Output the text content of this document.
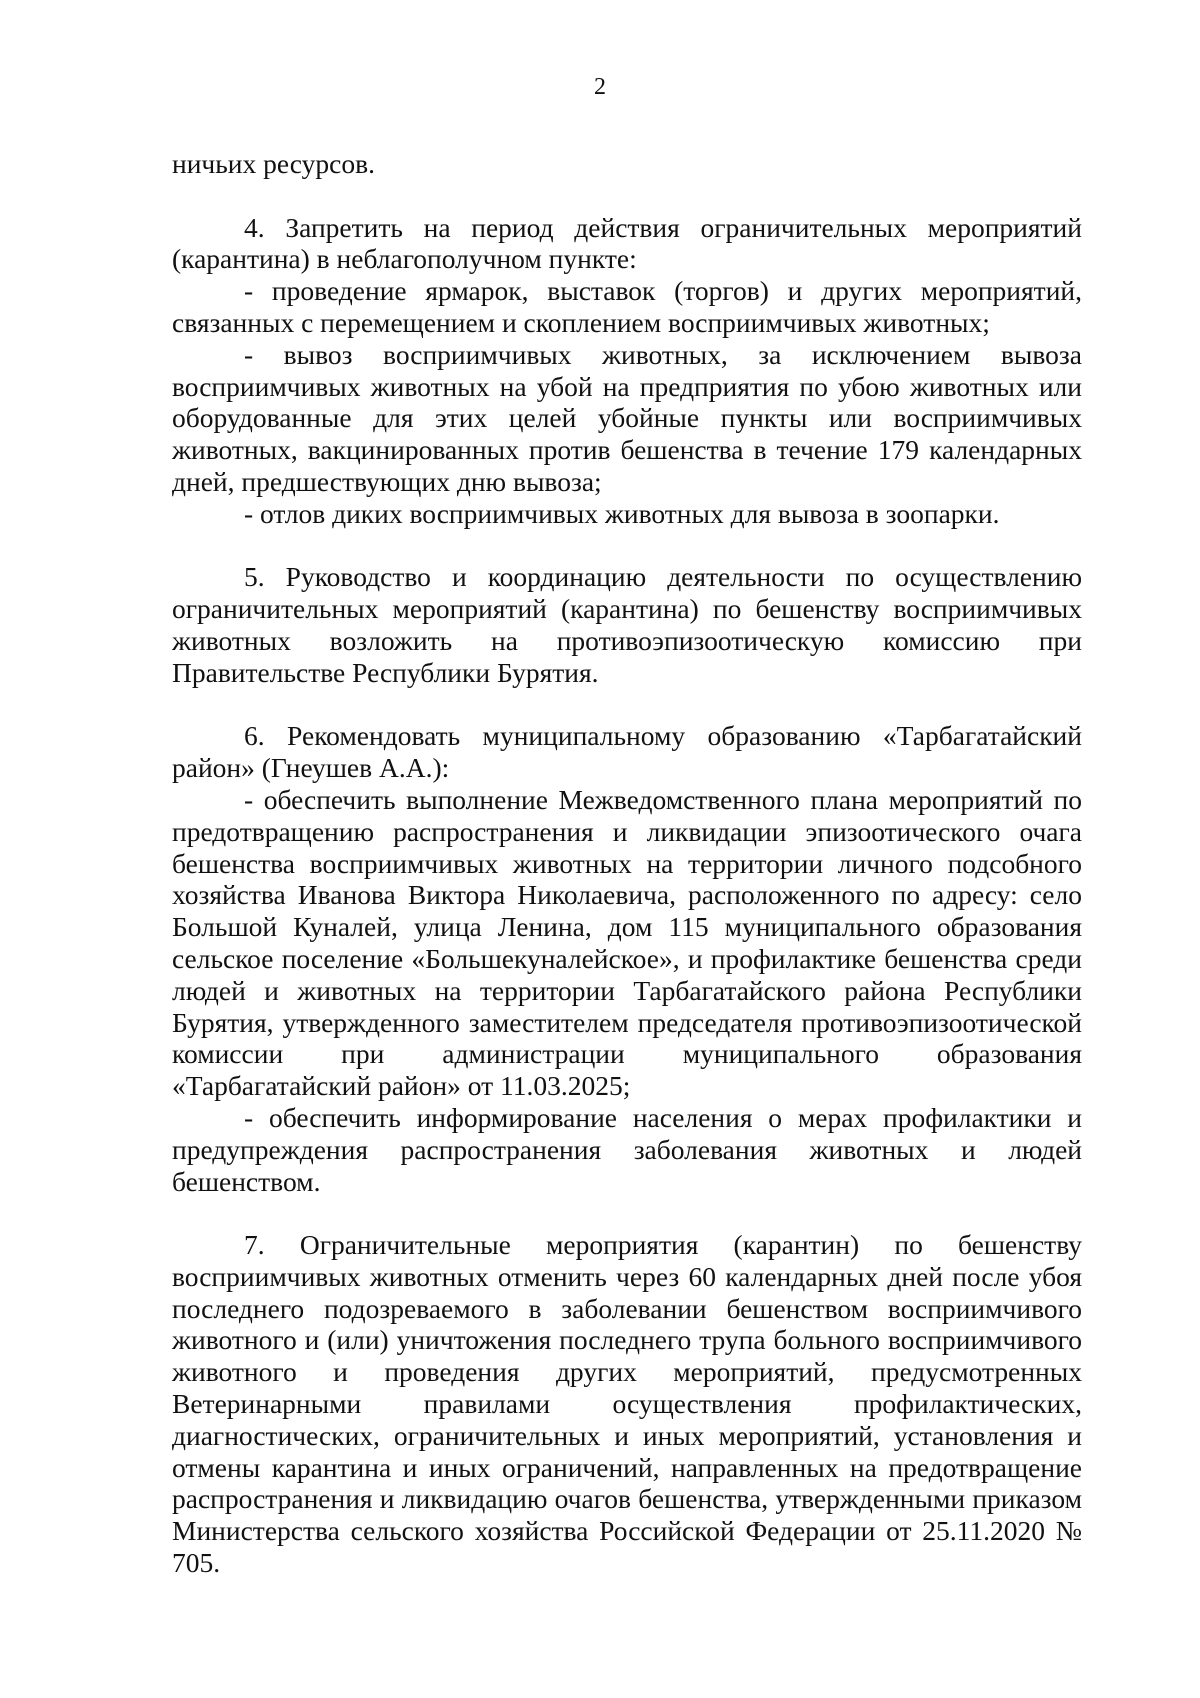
2

ничьих ресурсов.

4. Запретить на период действия ограничительных мероприятий (карантина) в неблагополучном пункте:

- проведение ярмарок, выставок (торгов) и других мероприятий, связанных с перемещением и скоплением восприимчивых животных;

- вывоз восприимчивых животных, за исключением вывоза восприимчивых животных на убой на предприятия по убою животных или оборудованные для этих целей убойные пункты или восприимчивых животных, вакцинированных против бешенства в течение 179 календарных дней, предшествующих дню вывоза;

- отлов диких восприимчивых животных для вывоза в зоопарки.

5. Руководство и координацию деятельности по осуществлению ограничительных мероприятий (карантина) по бешенству восприимчивых животных возложить на противоэпизоотическую комиссию при Правительстве Республики Бурятия.

6. Рекомендовать муниципальному образованию «Тарбагатайский район» (Гнеушев А.А.):

- обеспечить выполнение Межведомственного плана мероприятий по предотвращению распространения и ликвидации эпизоотического очага бешенства восприимчивых животных на территории личного подсобного хозяйства Иванова Виктора Николаевича, расположенного по адресу: село Большой Куналей, улица Ленина, дом 115 муниципального образования сельское поселение «Большекуналейское», и профилактике бешенства среди людей и животных на территории Тарбагатайского района Республики Бурятия, утвержденного заместителем председателя противоэпизоотической комиссии при администрации муниципального образования «Тарбагатайский район» от 11.03.2025;

- обеспечить информирование населения о мерах профилактики и предупреждения распространения заболевания животных и людей бешенством.

7. Ограничительные мероприятия (карантин) по бешенству восприимчивых животных отменить через 60 календарных дней после убоя последнего подозреваемого в заболевании бешенством восприимчивого животного и (или) уничтожения последнего трупа больного восприимчивого животного и проведения других мероприятий, предусмотренных Ветеринарными правилами осуществления профилактических, диагностических, ограничительных и иных мероприятий, установления и отмены карантина и иных ограничений, направленных на предотвращение распространения и ликвидацию очагов бешенства, утвержденными приказом Министерства сельского хозяйства Российской Федерации от 25.11.2020 № 705.
